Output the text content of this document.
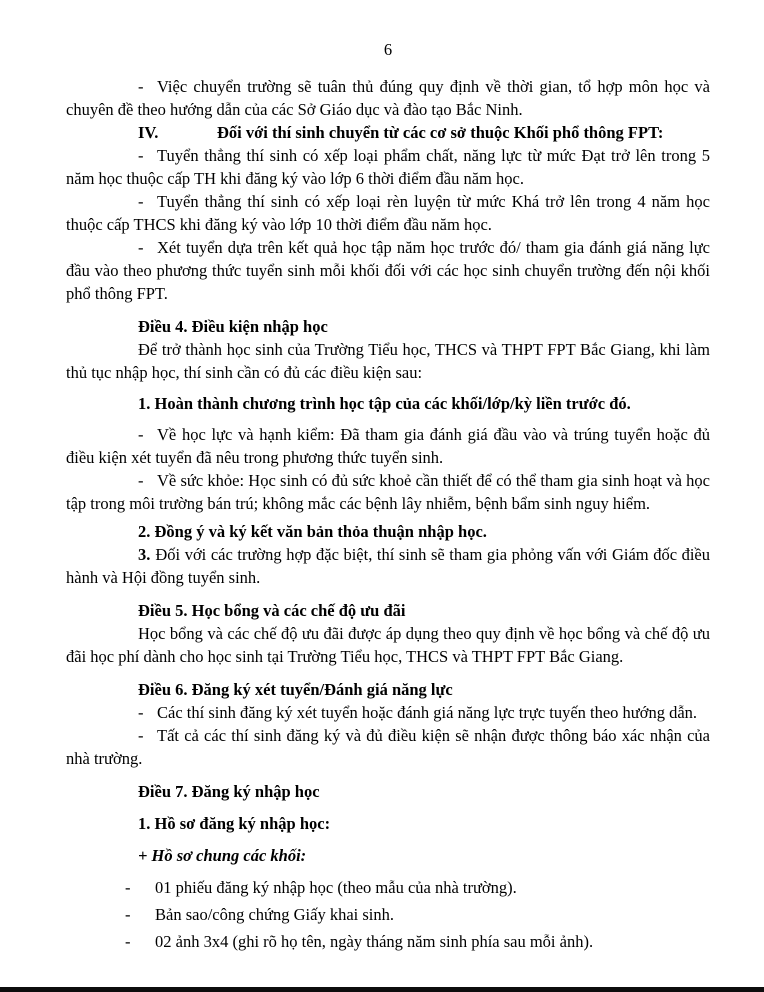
6

- Việc chuyển trường sẽ tuân thủ đúng quy định về thời gian, tổ hợp môn học và chuyên đề theo hướng dẫn của các Sở Giáo dục và đào tạo Bắc Ninh.

IV.	Đối với thí sinh chuyển từ các cơ sở thuộc Khối phổ thông FPT:

- Tuyển thẳng thí sinh có xếp loại phẩm chất, năng lực từ mức Đạt trở lên trong 5 năm học thuộc cấp TH khi đăng ký vào lớp 6 thời điểm đầu năm học.

- Tuyển thẳng thí sinh có xếp loại rèn luyện từ mức Khá trở lên trong 4 năm học thuộc cấp THCS khi đăng ký vào lớp 10 thời điểm đầu năm học.

- Xét tuyển dựa trên kết quả học tập năm học trước đó/ tham gia đánh giá năng lực đầu vào theo phương thức tuyển sinh mỗi khối đối với các học sinh chuyển trường đến nội khối phổ thông FPT.

Điều 4. Điều kiện nhập học

Để trở thành học sinh của Trường Tiểu học, THCS và THPT FPT Bắc Giang, khi làm thủ tục nhập học, thí sinh cần có đủ các điều kiện sau:

1. Hoàn thành chương trình học tập của các khối/lớp/kỳ liền trước đó.

- Về học lực và hạnh kiểm: Đã tham gia đánh giá đầu vào và trúng tuyển hoặc đủ điều kiện xét tuyển đã nêu trong phương thức tuyển sinh.

- Về sức khỏe: Học sinh có đủ sức khoẻ cần thiết để có thể tham gia sinh hoạt và học tập trong môi trường bán trú; không mắc các bệnh lây nhiễm, bệnh bẩm sinh nguy hiểm.

2. Đồng ý và ký kết văn bản thỏa thuận nhập học.

3. Đối với các trường hợp đặc biệt, thí sinh sẽ tham gia phỏng vấn với Giám đốc điều hành và Hội đồng tuyển sinh.

Điều 5. Học bổng và các chế độ ưu đãi

Học bổng và các chế độ ưu đãi được áp dụng theo quy định về học bổng và chế độ ưu đãi học phí dành cho học sinh tại Trường Tiểu học, THCS và THPT FPT Bắc Giang.

Điều 6. Đăng ký xét tuyển/Đánh giá năng lực

- Các thí sinh đăng ký xét tuyển hoặc đánh giá năng lực trực tuyến theo hướng dẫn.

- Tất cả các thí sinh đăng ký và đủ điều kiện sẽ nhận được thông báo xác nhận của nhà trường.

Điều 7. Đăng ký nhập học

1. Hồ sơ đăng ký nhập học:

+ Hồ sơ chung các khối:

- 01 phiếu đăng ký nhập học (theo mẫu của nhà trường).
- Bản sao/công chứng Giấy khai sinh.
- 02 ảnh 3x4 (ghi rõ họ tên, ngày tháng năm sinh phía sau mỗi ảnh).
